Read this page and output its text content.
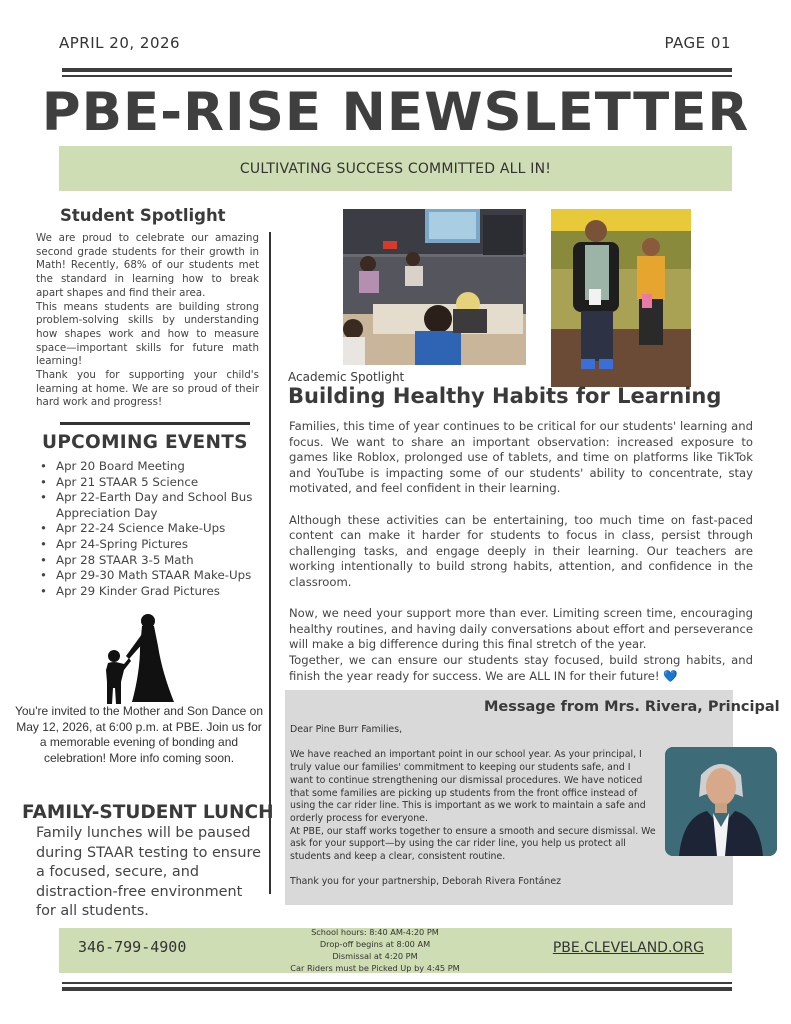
APRIL 20, 2026	PAGE 01
PBE-RISE NEWSLETTER
CULTIVATING SUCCESS COMMITTED ALL IN!
Student Spotlight

We are proud to celebrate our amazing second grade students for their growth in Math! Recently, 68% of our students met the standard in learning how to break apart shapes and find their area.

This means students are building strong problem-solving skills by understanding how shapes work and how to measure space—important skills for future math learning!

Thank you for supporting your child's learning at home. We are so proud of their hard work and progress!

UPCOMING EVENTS
• Apr 20 Board Meeting
• Apr 21 STAAR 5 Science
• Apr 22-Earth Day and School Bus Appreciation Day
• Apr 22-24 Science Make-Ups
• Apr 24-Spring Pictures
• Apr 28 STAAR 3-5 Math
• Apr 29-30 Math STAAR Make-Ups
• Apr 29 Kinder Grad Pictures
You're invited to the Mother and Son Dance on May 12, 2026, at 6:00 p.m. at PBE. Join us for a memorable evening of bonding and celebration! More info coming soon.
FAMILY-STUDENT LUNCH
Family lunches will be paused during STAAR testing to ensure a focused, secure, and distraction-free environment for all students.
Academic Spotlight
Building Healthy Habits for Learning

Families, this time of year continues to be critical for our students' learning and focus. We want to share an important observation: increased exposure to games like Roblox, prolonged use of tablets, and time on platforms like TikTok and YouTube is impacting some of our students' ability to concentrate, stay motivated, and feel confident in their learning.

Although these activities can be entertaining, too much time on fast-paced content can make it harder for students to focus in class, persist through challenging tasks, and engage deeply in their learning. Our teachers are working intentionally to build strong habits, attention, and confidence in the classroom.

Now, we need your support more than ever. Limiting screen time, encouraging healthy routines, and having daily conversations about effort and perseverance will make a big difference during this final stretch of the year.

Together, we can ensure our students stay focused, build strong habits, and finish the year ready for success. We are ALL IN for their future! 💙

Message from Mrs. Rivera, Principal

Dear Pine Burr Families,

We have reached an important point in our school year. As your principal, I truly value our families' commitment to keeping our students safe, and I want to continue strengthening our dismissal procedures. We have noticed that some families are picking up students from the front office instead of using the car rider line. This is important as we work to maintain a safe and orderly process for everyone.

At PBE, our staff works together to ensure a smooth and secure dismissal. We ask for your support—by using the car rider line, you help us protect all students and keep a clear, consistent routine.

Thank you for your partnership, Deborah Rivera Fontánez

346-799-4900
School hours: 8:40 AM-4:20 PM
Drop-off begins at 8:00 AM
Dismissal at 4:20 PM
Car Riders must be Picked Up by 4:45 PM
PBE.CLEVELAND.ORG
